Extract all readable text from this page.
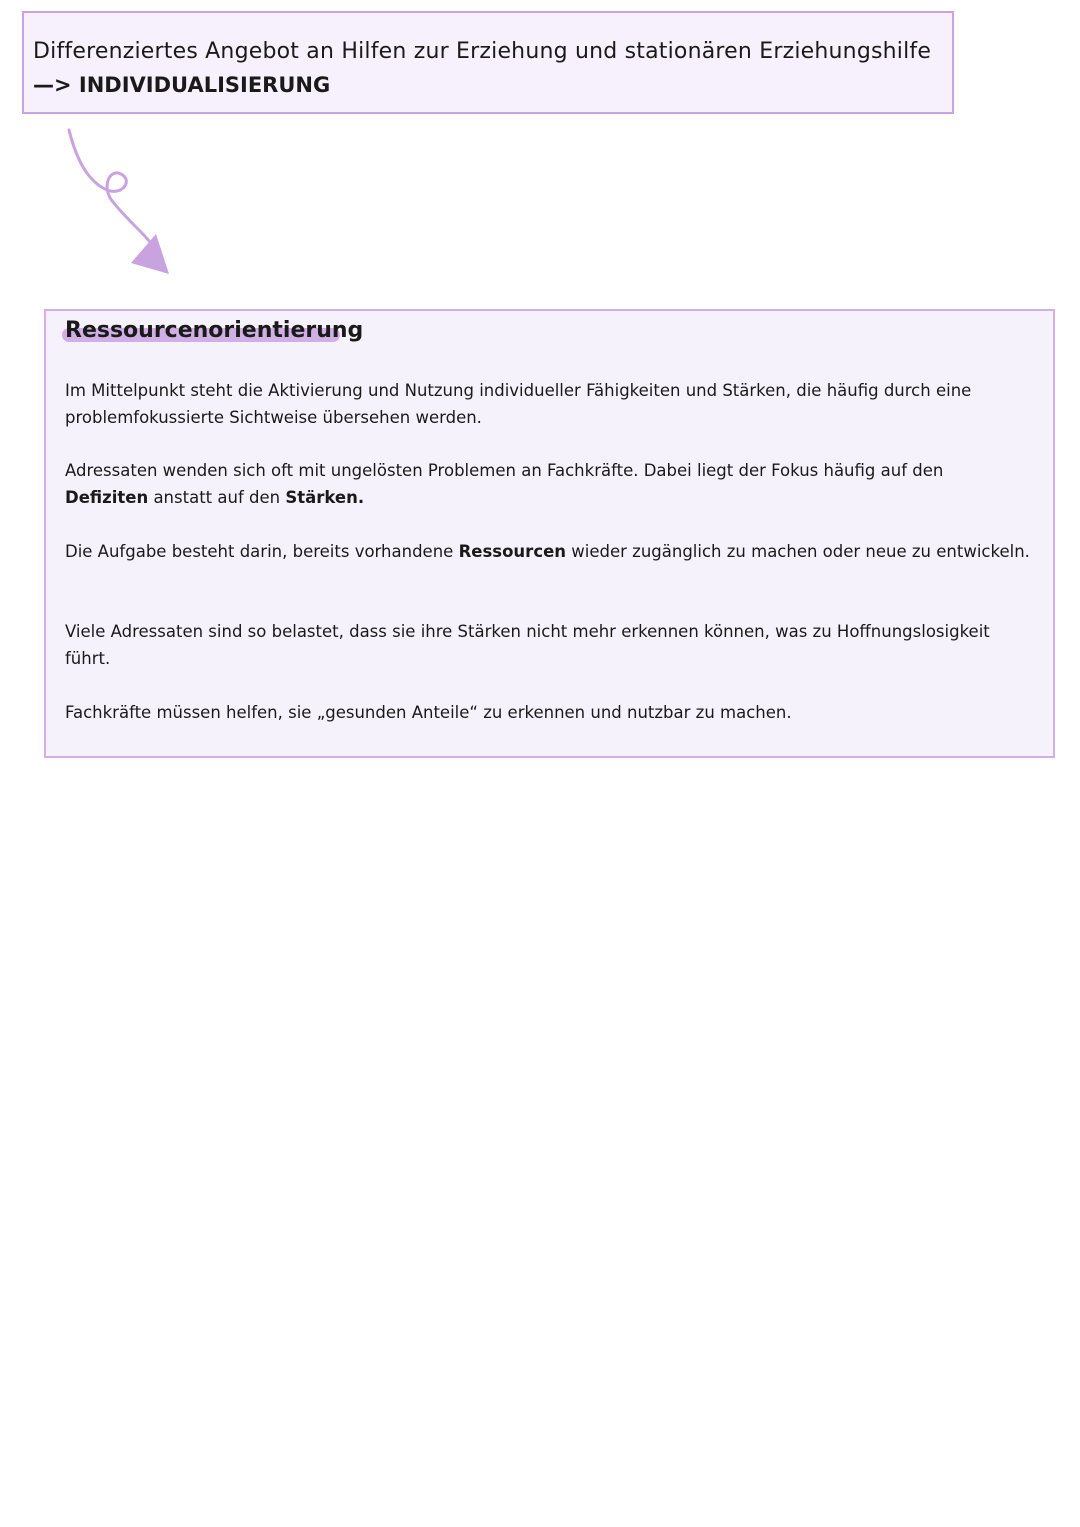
Differenziertes Angebot an Hilfen zur Erziehung und stationären Erziehungshilfe
—> INDIVIDUALISIERUNG
Ressourcenorientierung

Im Mittelpunkt steht die Aktivierung und Nutzung individueller Fähigkeiten und Stärken, die häufig durch eine problemfokussierte Sichtweise übersehen werden.

Adressaten wenden sich oft mit ungelösten Problemen an Fachkräfte. Dabei liegt der Fokus häufig auf den Defiziten anstatt auf den Stärken.

Die Aufgabe besteht darin, bereits vorhandene Ressourcen wieder zugänglich zu machen oder neue zu entwickeln.

Viele Adressaten sind so belastet, dass sie ihre Stärken nicht mehr erkennen können, was zu Hoffnungslosigkeit führt.

Fachkräfte müssen helfen, sie „gesunden Anteile“ zu erkennen und nutzbar zu machen.
